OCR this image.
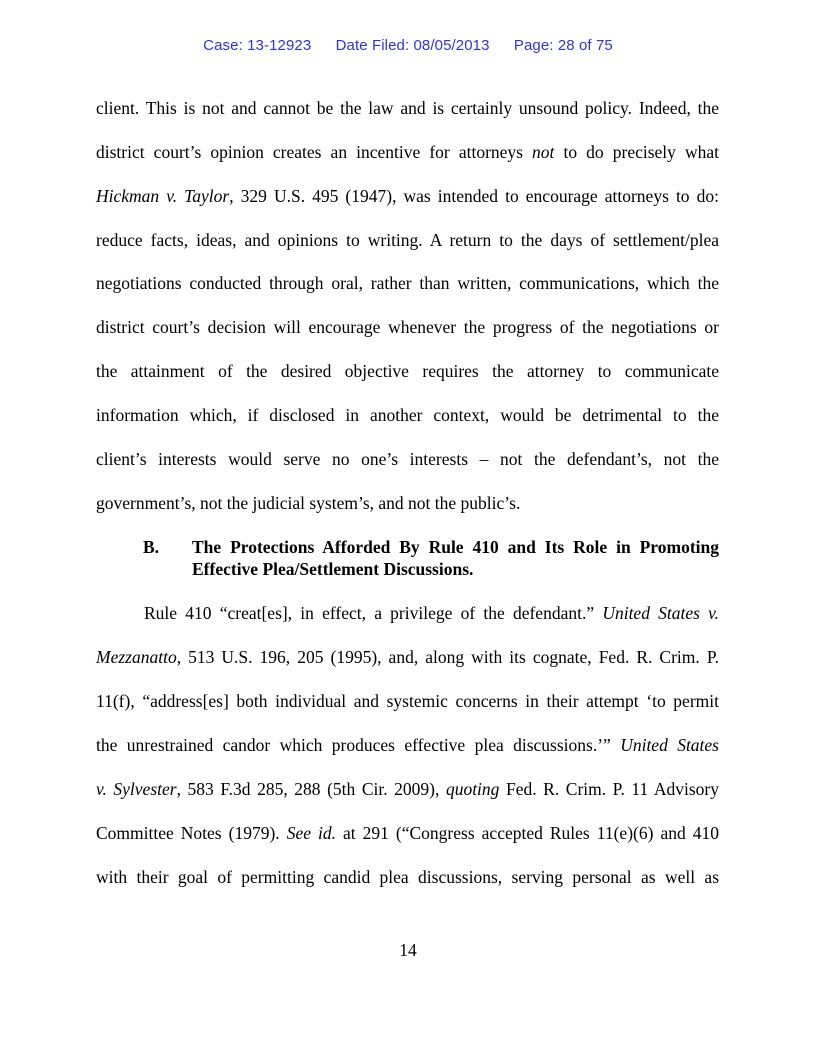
Case: 13-12923 Date Filed: 08/05/2013 Page: 28 of 75
client. This is not and cannot be the law and is certainly unsound policy. Indeed, the
district court’s opinion creates an incentive for attorneys not to do precisely what
Hickman v. Taylor, 329 U.S. 495 (1947), was intended to encourage attorneys to do:
reduce facts, ideas, and opinions to writing. A return to the days of settlement/plea
negotiations conducted through oral, rather than written, communications, which the
district court’s decision will encourage whenever the progress of the negotiations or
the attainment of the desired objective requires the attorney to communicate
information which, if disclosed in another context, would be detrimental to the
client’s interests would serve no one’s interests – not the defendant’s, not the
government’s, not the judicial system’s, and not the public’s.
B. The Protections Afforded By Rule 410 and Its Role in Promoting
Effective Plea/Settlement Discussions.
Rule 410 “creat[es], in effect, a privilege of the defendant.” United States v.
Mezzanatto, 513 U.S. 196, 205 (1995), and, along with its cognate, Fed. R. Crim. P.
11(f), “address[es] both individual and systemic concerns in their attempt ‘to permit
the unrestrained candor which produces effective plea discussions.’” United States
v. Sylvester, 583 F.3d 285, 288 (5th Cir. 2009), quoting Fed. R. Crim. P. 11 Advisory
Committee Notes (1979). See id. at 291 (“Congress accepted Rules 11(e)(6) and 410
with their goal of permitting candid plea discussions, serving personal as well as
14
